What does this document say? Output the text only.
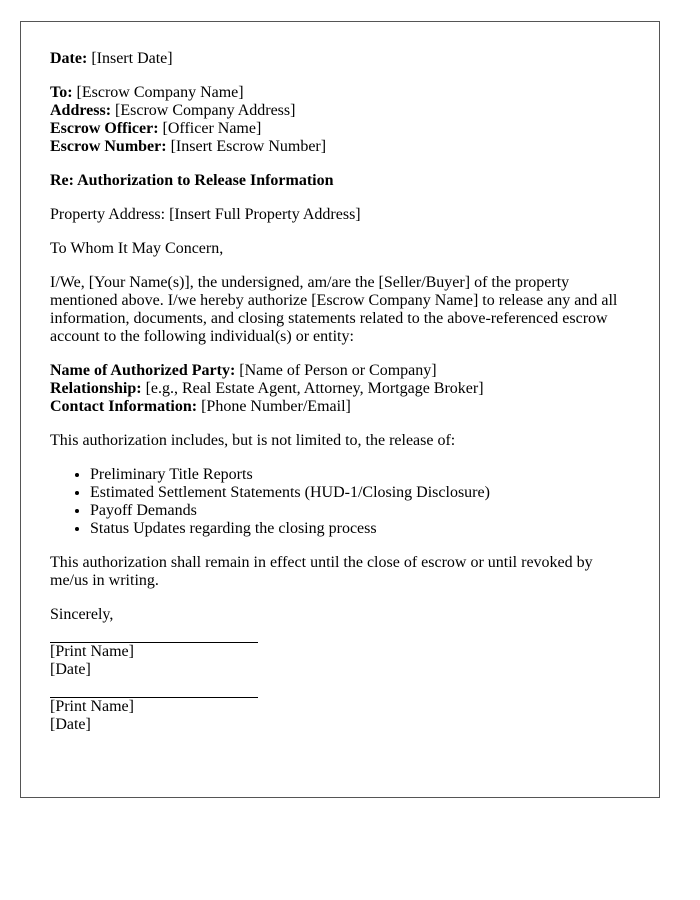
Date: [Insert Date]

To: [Escrow Company Name]
Address: [Escrow Company Address]
Escrow Officer: [Officer Name]
Escrow Number: [Insert Escrow Number]

Re: Authorization to Release Information

Property Address: [Insert Full Property Address]

To Whom It May Concern,

I/We, [Your Name(s)], the undersigned, am/are the [Seller/Buyer] of the property mentioned above. I/we hereby authorize [Escrow Company Name] to release any and all information, documents, and closing statements related to the above-referenced escrow account to the following individual(s) or entity:

Name of Authorized Party: [Name of Person or Company]
Relationship: [e.g., Real Estate Agent, Attorney, Mortgage Broker]
Contact Information: [Phone Number/Email]

This authorization includes, but is not limited to, the release of:

• Preliminary Title Reports
• Estimated Settlement Statements (HUD-1/Closing Disclosure)
• Payoff Demands
• Status Updates regarding the closing process

This authorization shall remain in effect until the close of escrow or until revoked by me/us in writing.

Sincerely,

[Print Name]
[Date]
[Print Name]
[Date]
